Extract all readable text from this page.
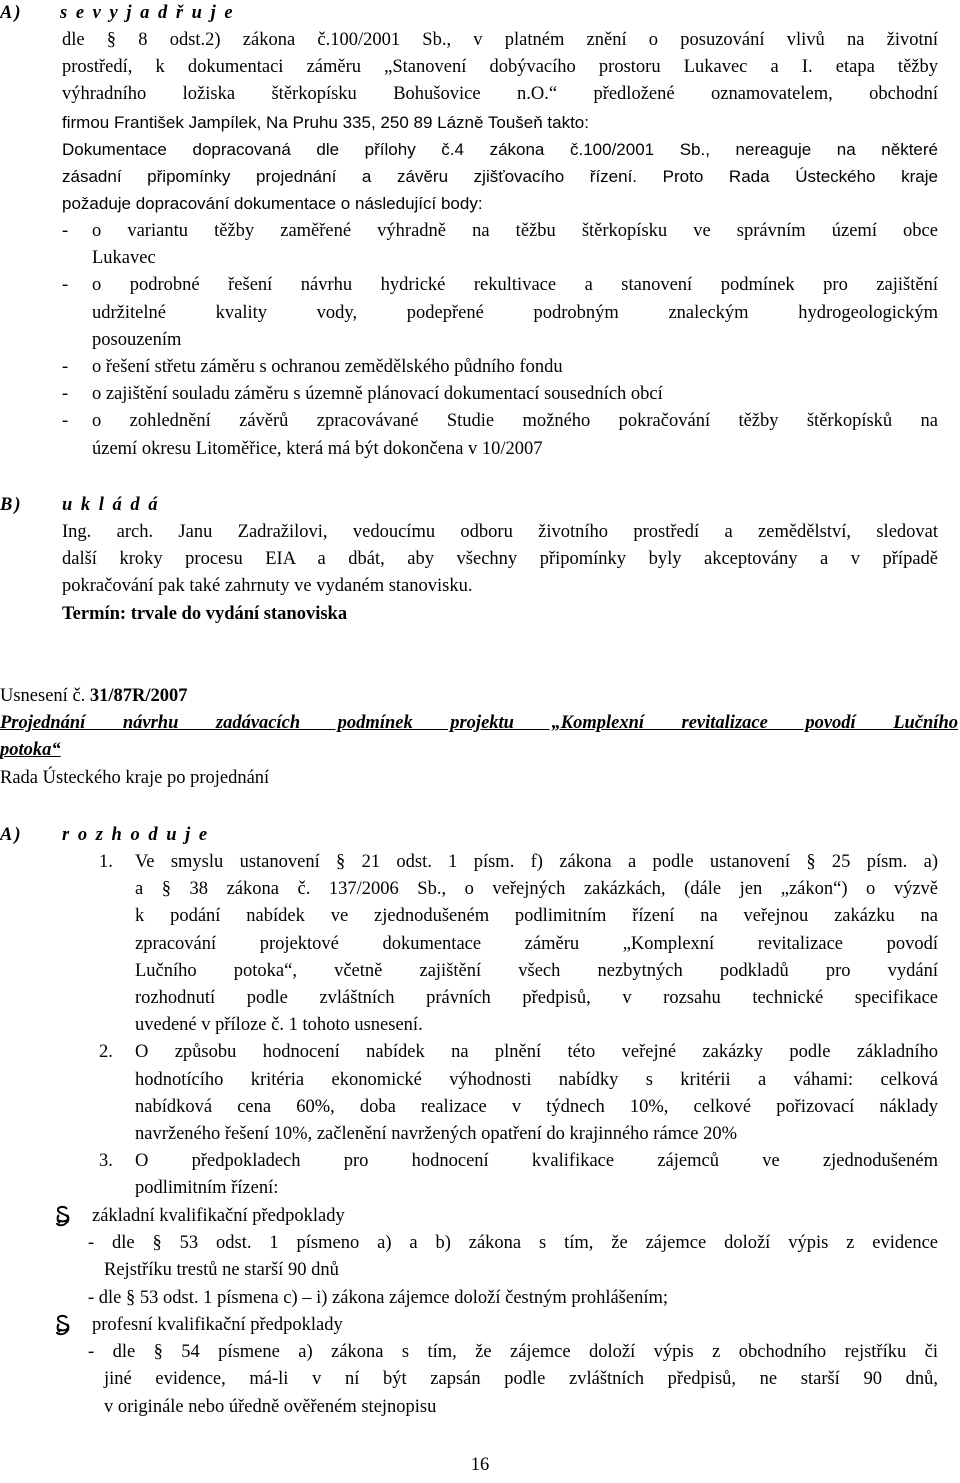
A) s e v y j a d ř u j e
dle § 8 odst.2) zákona č.100/2001 Sb., v platném znění o posuzování vlivů na životní
prostředí, k dokumentaci záměru „Stanovení dobývacího prostoru Lukavec a I. etapa těžby
výhradního ložiska štěrkopísku Bohušovice n.O.“ předložené oznamovatelem, obchodní
firmou František Jampílek, Na Pruhu 335, 250 89 Lázně Toušeň takto:
Dokumentace dopracovaná dle přílohy č.4 zákona č.100/2001 Sb., nereaguje na některé
zásadní připomínky projednání a závěru zjišťovacího řízení. Proto Rada Ústeckého kraje
požaduje dopracování dokumentace o následující body:
- o variantu těžby zaměřené výhradně na těžbu štěrkopísku ve správním území obce
Lukavec
- o podrobné řešení návrhu hydrické rekultivace a stanovení podmínek pro zajištění
udržitelné kvality vody, podepřené podrobným znaleckým hydrogeologickým
posouzením
- o řešení střetu záměru s ochranou zemědělského půdního fondu
- o zajištění souladu záměru s územně plánovací dokumentací sousedních obcí
- o zohlednění závěrů zpracovávané Studie možného pokračování těžby štěrkopísků na
území okresu Litoměřice, která má být dokončena v 10/2007
B) u k l á d á
Ing. arch. Janu Zadražilovi, vedoucímu odboru životního prostředí a zemědělství, sledovat
další kroky procesu EIA a dbát, aby všechny připomínky byly akceptovány a v případě
pokračování pak také zahrnuty ve vydaném stanovisku.
Termín: trvale do vydání stanoviska
Usnesení č. 31/87R/2007
Projednání návrhu zadávacích podmínek projektu „Komplexní revitalizace povodí Lučního
potoka“
Rada Ústeckého kraje po projednání
A) r o z h o d u j e
1. Ve smyslu ustanovení § 21 odst. 1 písm. f) zákona a podle ustanovení § 25 písm. a)
a § 38 zákona č. 137/2006 Sb., o veřejných zakázkách, (dále jen „zákon“) o výzvě
k podání nabídek ve zjednodušeném podlimitním řízení na veřejnou zakázku na
zpracování projektové dokumentace záměru „Komplexní revitalizace povodí
Lučního potoka“, včetně zajištění všech nezbytných podkladů pro vydání
rozhodnutí podle zvláštních právních předpisů, v rozsahu technické specifikace
uvedené v příloze č. 1 tohoto usnesení.
2. O způsobu hodnocení nabídek na plnění této veřejné zakázky podle základního
hodnotícího kritéria ekonomické výhodnosti nabídky s kritérii a váhami: celková
nabídková cena 60%, doba realizace v týdnech 10%, celkové pořizovací náklady
navrženého řešení 10%, začlenění navržených opatření do krajinného rámce 20%
3. O předpokladech pro hodnocení kvalifikace zájemců ve zjednodušeném
podlimitním řízení:
základní kvalifikační předpoklady
- dle § 53 odst. 1 písmeno a) a b) zákona s tím, že zájemce doloží výpis z evidence
Rejstříku trestů ne starší 90 dnů
- dle § 53 odst. 1 písmena c) – i) zákona zájemce doloží čestným prohlášením;
profesní kvalifikační předpoklady
- dle § 54 písmene a) zákona s tím, že zájemce doloží výpis z obchodního rejstříku či
jiné evidence, má-li v ní být zapsán podle zvláštních předpisů, ne starší 90 dnů,
v originále nebo úředně ověřeném stejnopisu
16
